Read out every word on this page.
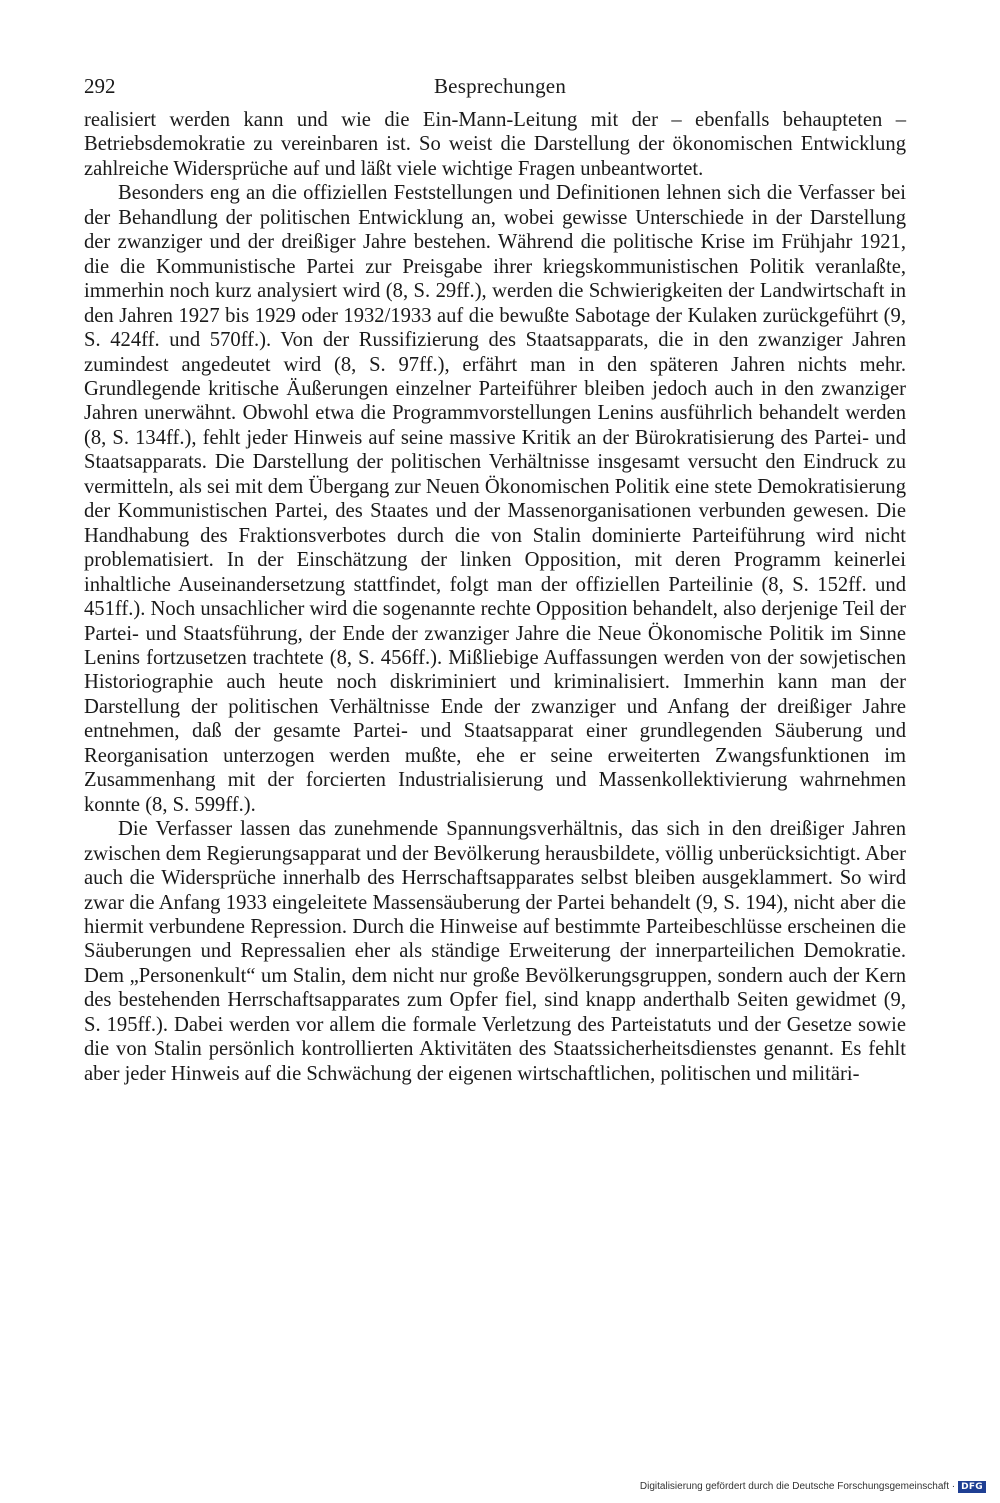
292	Besprechungen

realisiert werden kann und wie die Ein-Mann-Leitung mit der – ebenfalls behaupteten – Betriebsdemokratie zu vereinbaren ist. So weist die Darstellung der ökonomischen Entwicklung zahlreiche Widersprüche auf und läßt viele wichtige Fragen unbeantwortet.

Besonders eng an die offiziellen Feststellungen und Definitionen lehnen sich die Verfasser bei der Behandlung der politischen Entwicklung an, wobei gewisse Unterschiede in der Darstellung der zwanziger und der dreißiger Jahre bestehen. Während die politische Krise im Frühjahr 1921, die die Kommunistische Partei zur Preisgabe ihrer kriegskommunistischen Politik veranlaßte, immerhin noch kurz analysiert wird (8, S. 29ff.), werden die Schwierigkeiten der Landwirtschaft in den Jahren 1927 bis 1929 oder 1932/1933 auf die bewußte Sabotage der Kulaken zurückgeführt (9, S. 424ff. und 570ff.). Von der Russifizierung des Staatsapparats, die in den zwanziger Jahren zumindest angedeutet wird (8, S. 97ff.), erfährt man in den späteren Jahren nichts mehr. Grundlegende kritische Äußerungen einzelner Parteiführer bleiben jedoch auch in den zwanziger Jahren unerwähnt. Obwohl etwa die Programmvorstellungen Lenins ausführlich behandelt werden (8, S. 134ff.), fehlt jeder Hinweis auf seine massive Kritik an der Bürokratisierung des Partei- und Staatsapparats. Die Darstellung der politischen Verhältnisse insgesamt versucht den Eindruck zu vermitteln, als sei mit dem Übergang zur Neuen Ökonomischen Politik eine stete Demokratisierung der Kommunistischen Partei, des Staates und der Massenorganisationen verbunden gewesen. Die Handhabung des Fraktionsverbotes durch die von Stalin dominierte Parteiführung wird nicht problematisiert. In der Einschätzung der linken Opposition, mit deren Programm keinerlei inhaltliche Auseinandersetzung stattfindet, folgt man der offiziellen Parteilinie (8, S. 152ff. und 451ff.). Noch unsachlicher wird die sogenannte rechte Opposition behandelt, also derjenige Teil der Partei- und Staatsführung, der Ende der zwanziger Jahre die Neue Ökonomische Politik im Sinne Lenins fortzusetzen trachtete (8, S. 456ff.). Mißliebige Auffassungen werden von der sowjetischen Historiographie auch heute noch diskriminiert und kriminalisiert. Immerhin kann man der Darstellung der politischen Verhältnisse Ende der zwanziger und Anfang der dreißiger Jahre entnehmen, daß der gesamte Partei- und Staatsapparat einer grundlegenden Säuberung und Reorganisation unterzogen werden mußte, ehe er seine erweiterten Zwangsfunktionen im Zusammenhang mit der forcierten Industrialisierung und Massenkollektivierung wahrnehmen konnte (8, S. 599ff.).

Die Verfasser lassen das zunehmende Spannungsverhältnis, das sich in den dreißiger Jahren zwischen dem Regierungsapparat und der Bevölkerung herausbildete, völlig unberücksichtigt. Aber auch die Widersprüche innerhalb des Herrschaftsapparates selbst bleiben ausgeklammert. So wird zwar die Anfang 1933 eingeleitete Massensäuberung der Partei behandelt (9, S. 194), nicht aber die hiermit verbundene Repression. Durch die Hinweise auf bestimmte Parteibeschlüsse erscheinen die Säuberungen und Repressalien eher als ständige Erweiterung der innerparteilichen Demokratie. Dem „Personenkult“ um Stalin, dem nicht nur große Bevölkerungsgruppen, sondern auch der Kern des bestehenden Herrschaftsapparates zum Opfer fiel, sind knapp anderthalb Seiten gewidmet (9, S. 195ff.). Dabei werden vor allem die formale Verletzung des Parteistatuts und der Gesetze sowie die von Stalin persönlich kontrollierten Aktivitäten des Staatssicherheitsdienstes genannt. Es fehlt aber jeder Hinweis auf die Schwächung der eigenen wirtschaftlichen, politischen und militäri-

Digitalisierung gefördert durch die Deutsche Forschungsgemeinschaft · DFG
